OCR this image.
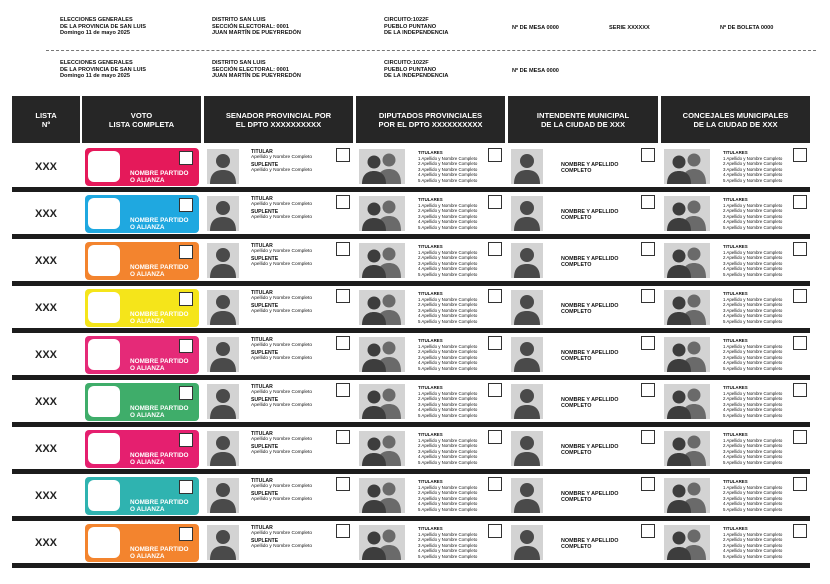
ELECCIONES GENERALES
DE LA PROVINCIA DE SAN LUIS
Domingo 11 de mayo 2025
DISTRITO SAN LUIS
SECCIÓN ELECTORAL: 0001
JUAN MARTÍN DE PUEYRREDÓN
CIRCUITO:1022F
PUEBLO PUNTANO
DE LA INDEPENDENCIA
Nº DE MESA 0000	SERIE XXXXXX	Nº DE BOLETA 0000
ELECCIONES GENERALES
DE LA PROVINCIA DE SAN LUIS
Domingo 11 de mayo 2025
DISTRITO SAN LUIS
SECCIÓN ELECTORAL: 0001
JUAN MARTÍN DE PUEYRREDÓN
CIRCUITO:1022F
PUEBLO PUNTANO
DE LA INDEPENDENCIA
Nº DE MESA 0000
LISTA
Nº
VOTO
LISTA COMPLETA
SENADOR PROVINCIAL POR
EL DPTO XXXXXXXXXX
DIPUTADOS PROVINCIALES
POR EL DPTO XXXXXXXXXX
INTENDENTE MUNICIPAL
DE LA CIUDAD DE XXX
CONCEJALES MUNICIPALES
DE LA CIUDAD DE XXX
XXX
NOMBRE PARTIDO
O ALIANZA
TITULAR
Apellido y Nombre Completo
SUPLENTE
Apellido y Nombre Completo
TITULARES
1 Apellido y Nombre Completo
2 Apellido y Nombre Completo
3 Apellido y Nombre Completo
4 Apellido y Nombre Completo
5 Apellido y Nombre Completo
NOMBRE Y APELLIDO
COMPLETO
TITULARES
1 Apellido y Nombre Completo
2 Apellido y Nombre Completo
3 Apellido y Nombre Completo
4 Apellido y Nombre Completo
5 Apellido y Nombre Completo
XXX
NOMBRE PARTIDO
O ALIANZA
TITULAR
Apellido y Nombre Completo
SUPLENTE
Apellido y Nombre Completo
TITULARES
1 Apellido y Nombre Completo
2 Apellido y Nombre Completo
3 Apellido y Nombre Completo
4 Apellido y Nombre Completo
5 Apellido y Nombre Completo
NOMBRE Y APELLIDO
COMPLETO
TITULARES
1 Apellido y Nombre Completo
2 Apellido y Nombre Completo
3 Apellido y Nombre Completo
4 Apellido y Nombre Completo
5 Apellido y Nombre Completo
XXX
NOMBRE PARTIDO
O ALIANZA
TITULAR
Apellido y Nombre Completo
SUPLENTE
Apellido y Nombre Completo
TITULARES
1 Apellido y Nombre Completo
2 Apellido y Nombre Completo
3 Apellido y Nombre Completo
4 Apellido y Nombre Completo
5 Apellido y Nombre Completo
NOMBRE Y APELLIDO
COMPLETO
TITULARES
1 Apellido y Nombre Completo
2 Apellido y Nombre Completo
3 Apellido y Nombre Completo
4 Apellido y Nombre Completo
5 Apellido y Nombre Completo
XXX
NOMBRE PARTIDO
O ALIANZA
TITULAR
Apellido y Nombre Completo
SUPLENTE
Apellido y Nombre Completo
TITULARES
1 Apellido y Nombre Completo
2 Apellido y Nombre Completo
3 Apellido y Nombre Completo
4 Apellido y Nombre Completo
5 Apellido y Nombre Completo
NOMBRE Y APELLIDO
COMPLETO
TITULARES
1 Apellido y Nombre Completo
2 Apellido y Nombre Completo
3 Apellido y Nombre Completo
4 Apellido y Nombre Completo
5 Apellido y Nombre Completo
XXX
NOMBRE PARTIDO
O ALIANZA
TITULAR
Apellido y Nombre Completo
SUPLENTE
Apellido y Nombre Completo
TITULARES
1 Apellido y Nombre Completo
2 Apellido y Nombre Completo
3 Apellido y Nombre Completo
4 Apellido y Nombre Completo
5 Apellido y Nombre Completo
NOMBRE Y APELLIDO
COMPLETO
TITULARES
1 Apellido y Nombre Completo
2 Apellido y Nombre Completo
3 Apellido y Nombre Completo
4 Apellido y Nombre Completo
5 Apellido y Nombre Completo
XXX
NOMBRE PARTIDO
O ALIANZA
TITULAR
Apellido y Nombre Completo
SUPLENTE
Apellido y Nombre Completo
TITULARES
1 Apellido y Nombre Completo
2 Apellido y Nombre Completo
3 Apellido y Nombre Completo
4 Apellido y Nombre Completo
5 Apellido y Nombre Completo
NOMBRE Y APELLIDO
COMPLETO
TITULARES
1 Apellido y Nombre Completo
2 Apellido y Nombre Completo
3 Apellido y Nombre Completo
4 Apellido y Nombre Completo
5 Apellido y Nombre Completo
XXX
NOMBRE PARTIDO
O ALIANZA
TITULAR
Apellido y Nombre Completo
SUPLENTE
Apellido y Nombre Completo
TITULARES
1 Apellido y Nombre Completo
2 Apellido y Nombre Completo
3 Apellido y Nombre Completo
4 Apellido y Nombre Completo
5 Apellido y Nombre Completo
NOMBRE Y APELLIDO
COMPLETO
TITULARES
1 Apellido y Nombre Completo
2 Apellido y Nombre Completo
3 Apellido y Nombre Completo
4 Apellido y Nombre Completo
5 Apellido y Nombre Completo
XXX
NOMBRE PARTIDO
O ALIANZA
TITULAR
Apellido y Nombre Completo
SUPLENTE
Apellido y Nombre Completo
TITULARES
1 Apellido y Nombre Completo
2 Apellido y Nombre Completo
3 Apellido y Nombre Completo
4 Apellido y Nombre Completo
5 Apellido y Nombre Completo
NOMBRE Y APELLIDO
COMPLETO
TITULARES
1 Apellido y Nombre Completo
2 Apellido y Nombre Completo
3 Apellido y Nombre Completo
4 Apellido y Nombre Completo
5 Apellido y Nombre Completo
XXX
NOMBRE PARTIDO
O ALIANZA
TITULAR
Apellido y Nombre Completo
SUPLENTE
Apellido y Nombre Completo
TITULARES
1 Apellido y Nombre Completo
2 Apellido y Nombre Completo
3 Apellido y Nombre Completo
4 Apellido y Nombre Completo
5 Apellido y Nombre Completo
NOMBRE Y APELLIDO
COMPLETO
TITULARES
1 Apellido y Nombre Completo
2 Apellido y Nombre Completo
3 Apellido y Nombre Completo
4 Apellido y Nombre Completo
5 Apellido y Nombre Completo
